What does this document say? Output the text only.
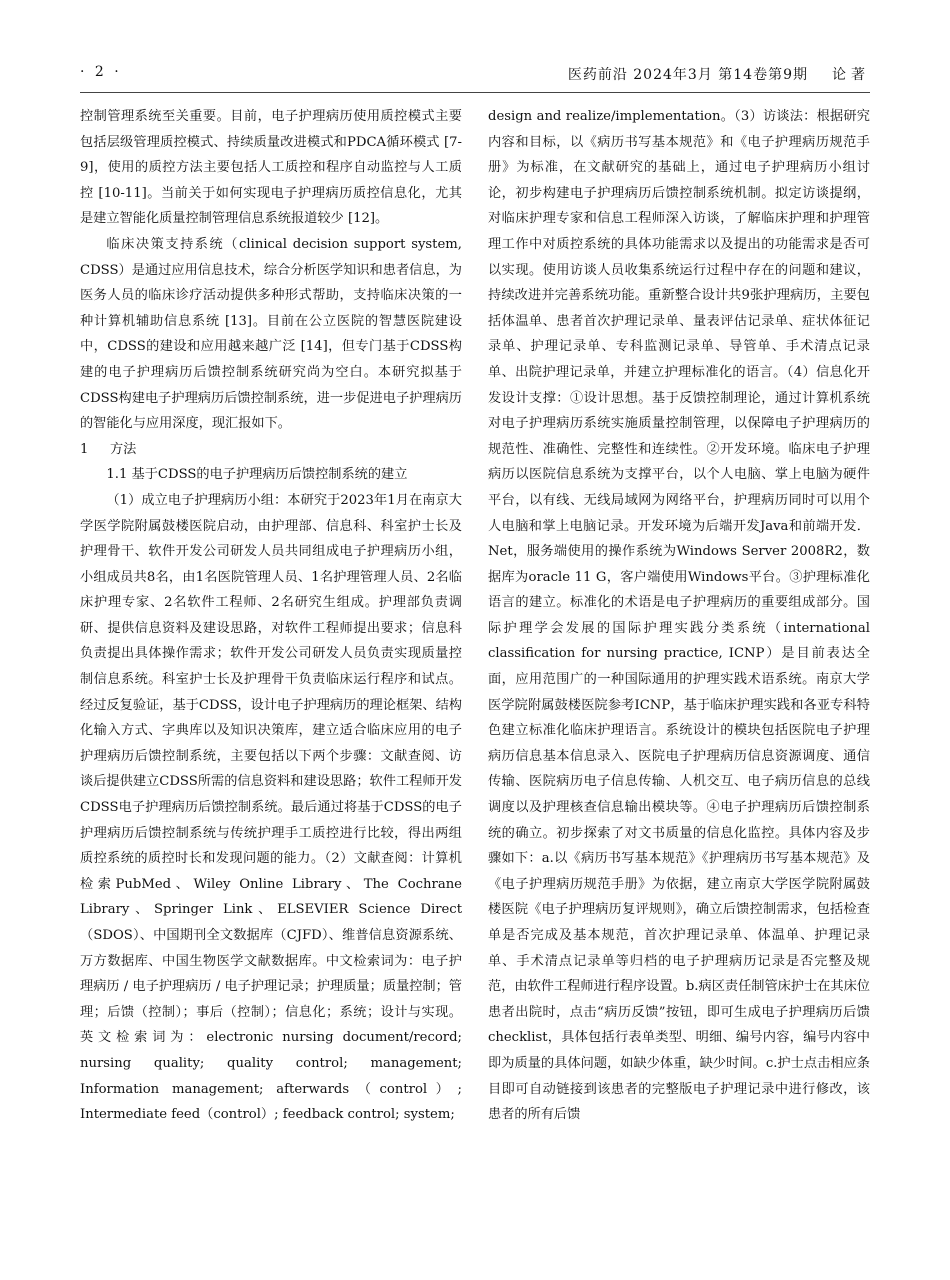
· 2 ·	医药前沿 2024年3月 第14卷第9期 论著

控制管理系统至关重要。目前，电子护理病历使用质控模式主要包括层级管理质控模式、持续质量改进模式和PDCA循环模式 [7-9]，使用的质控方法主要包括人工质控和程序自动监控与人工质控 [10-11]。当前关于如何实现电子护理病历质控信息化，尤其是建立智能化质量控制管理信息系统报道较少 [12]。

临床决策支持系统（clinical decision support system, CDSS）是通过应用信息技术，综合分析医学知识和患者信息，为医务人员的临床诊疗活动提供多种形式帮助，支持临床决策的一种计算机辅助信息系统 [13]。目前在公立医院的智慧医院建设中，CDSS的建设和应用越来越广泛 [14]，但专门基于CDSS构建的电子护理病历后馈控制系统研究尚为空白。本研究拟基于CDSS构建电子护理病历后馈控制系统，进一步促进电子护理病历的智能化与应用深度，现汇报如下。

1	方法

1.1 基于CDSS的电子护理病历后馈控制系统的建立

（1）成立电子护理病历小组：本研究于2023年1月在南京大学医学院附属鼓楼医院启动，由护理部、信息科、科室护士长及护理骨干、软件开发公司研发人员共同组成电子护理病历小组，小组成员共8名，由1名医院管理人员、1名护理管理人员、2名临床护理专家、2名软件工程师、2名研究生组成。护理部负责调研、提供信息资料及建设思路，对软件工程师提出要求；信息科负责提出具体操作需求；软件开发公司研发人员负责实现质量控制信息系统。科室护士长及护理骨干负责临床运行程序和试点。经过反复验证，基于CDSS，设计电子护理病历的理论框架、结构化输入方式、字典库以及知识决策库，建立适合临床应用的电子护理病历后馈控制系统，主要包括以下两个步骤：文献查阅、访谈后提供建立CDSS所需的信息资料和建设思路；软件工程师开发CDSS电子护理病历后馈控制系统。最后通过将基于CDSS的电子护理病历后馈控制系统与传统护理手工质控进行比较，得出两组质控系统的质控时长和发现问题的能力。（2）文献查阅：计算机检索PubMed、Wiley Online Library、The Cochrane Library、Springer Link、ELSEVIER Science Direct（SDOS）、中国期刊全文数据库（CJFD）、维普信息资源系统、万方数据库、中国生物医学文献数据库。中文检索词为：电子护理病历 / 电子护理病历 / 电子护理记录；护理质量；质量控制；管理；后馈（控制）；事后（控制）；信息化；系统；设计与实现。英文检索词为：electronic nursing document/record; nursing quality; quality control; management; Information management; afterwards（control）; Intermediate feed（control）; feedback control; system;

design and realize/implementation。（3）访谈法：根据研究内容和目标，以《病历书写基本规范》和《电子护理病历规范手册》为标准，在文献研究的基础上，通过电子护理病历小组讨论，初步构建电子护理病历后馈控制系统机制。拟定访谈提纲，对临床护理专家和信息工程师深入访谈，了解临床护理和护理管理工作中对质控系统的具体功能需求以及提出的功能需求是否可以实现。使用访谈人员收集系统运行过程中存在的问题和建议，持续改进并完善系统功能。重新整合设计共9张护理病历，主要包括体温单、患者首次护理记录单、量表评估记录单、症状体征记录单、护理记录单、专科监测记录单、导管单、手术清点记录单、出院护理记录单，并建立护理标准化的语言。（4）信息化开发设计支撑：①设计思想。基于反馈控制理论，通过计算机系统对电子护理病历系统实施质量控制管理，以保障电子护理病历的规范性、准确性、完整性和连续性。②开发环境。临床电子护理病历以医院信息系统为支撑平台，以个人电脑、掌上电脑为硬件平台，以有线、无线局域网为网络平台，护理病历同时可以用个人电脑和掌上电脑记录。开发环境为后端开发Java和前端开发．Net，服务端使用的操作系统为Windows Server 2008R2，数据库为oracle 11 G，客户端使用Windows平台。③护理标准化语言的建立。标准化的术语是电子护理病历的重要组成部分。国际护理学会发展的国际护理实践分类系统（international classification for nursing practice, ICNP）是目前表达全面，应用范围广的一种国际通用的护理实践术语系统。南京大学医学院附属鼓楼医院参考ICNP，基于临床护理实践和各亚专科特色建立标准化临床护理语言。系统设计的模块包括医院电子护理病历信息基本信息录入、医院电子护理病历信息资源调度、通信传输、医院病历电子信息传输、人机交互、电子病历信息的总线调度以及护理核查信息输出模块等。④电子护理病历后馈控制系统的确立。初步探索了对文书质量的信息化监控。具体内容及步骤如下：a.以《病历书写基本规范》《护理病历书写基本规范》及《电子护理病历规范手册》为依据，建立南京大学医学院附属鼓楼医院《电子护理病历复评规则》，确立后馈控制需求，包括检查单是否完成及基本规范，首次护理记录单、体温单、护理记录单、手术清点记录单等归档的电子护理病历记录是否完整及规范，由软件工程师进行程序设置。b.病区责任制管床护士在其床位患者出院时，点击“病历反馈”按钮，即可生成电子护理病历后馈checklist，具体包括行表单类型、明细、编号内容，编号内容中即为质量的具体问题，如缺少体重，缺少时间。c.护士点击相应条目即可自动链接到该患者的完整版电子护理记录中进行修改，该患者的所有后馈
